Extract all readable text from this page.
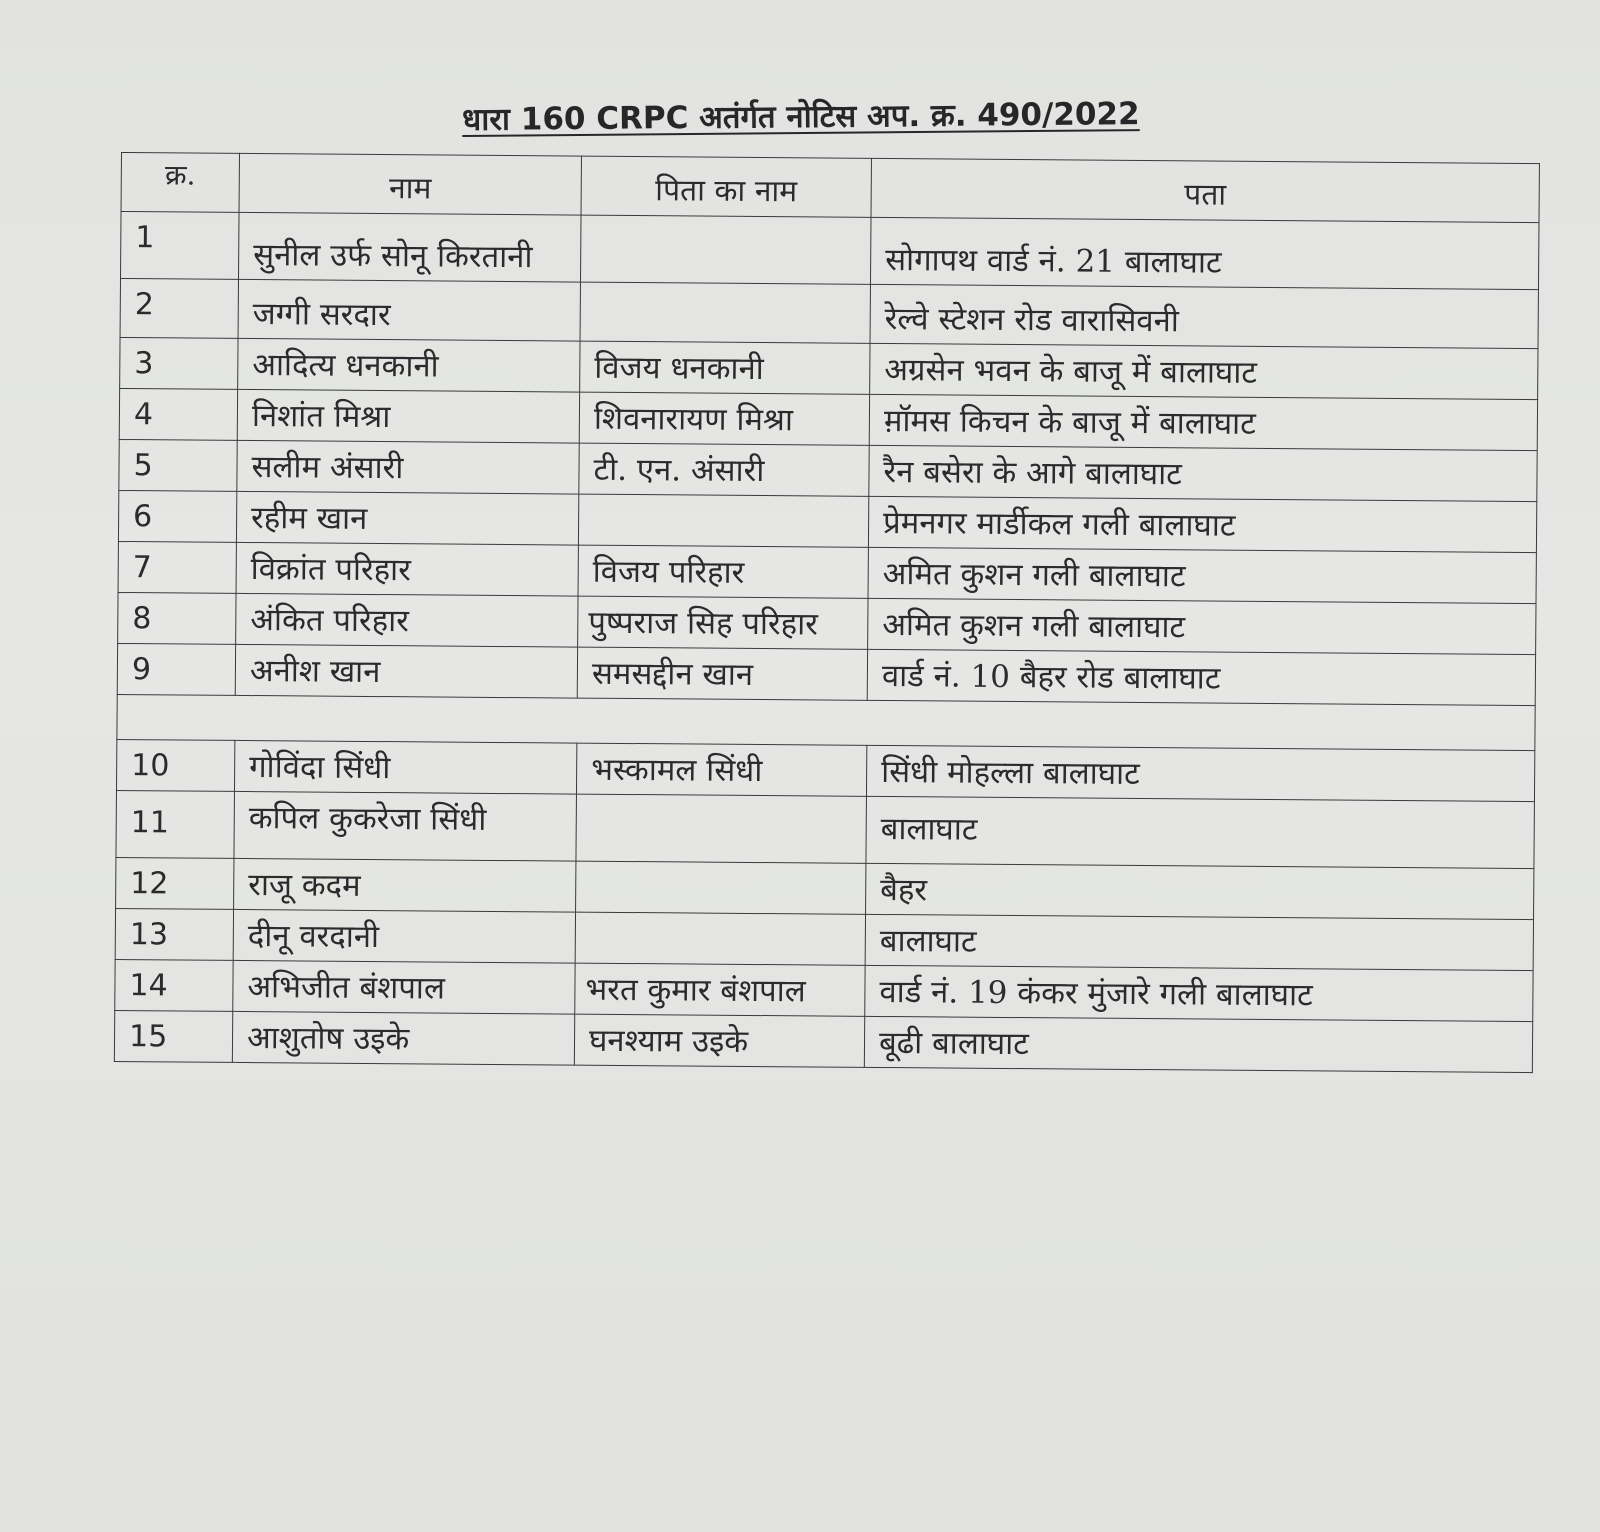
धारा 160 CRPC अतंर्गत नोटिस अप. क्र. 490/2022
क्र.	नाम	पिता का नाम	पता
1	सुनील उर्फ सोनू किरतानी		सोगापथ वार्ड नं. 21 बालाघाट
2	जग्गी सरदार		रेल्वे स्टेशन रोड वारासिवनी
3	आदित्य धनकानी	विजय धनकानी	अग्रसेन भवन के बाजू में बालाघाट
4	निशांत मिश्रा	शिवनारायण मिश्रा	म़ॉमस किचन के बाजू में बालाघाट
5	सलीम अंसारी	टी. एन. अंसारी	रैन बसेरा के आगे बालाघाट
6	रहीम खान		प्रेमनगर मार्डीकल गली बालाघाट
7	विक्रांत परिहार	विजय परिहार	अमित कुशन गली बालाघाट
8	अंकित परिहार	पुष्पराज सिह परिहार	अमित कुशन गली बालाघाट
9	अनीश खान	समसद्दीन खान	वार्ड नं. 10 बैहर रोड बालाघाट

10	गोविंदा सिंधी	भस्कामल सिंधी	सिंधी मोहल्ला बालाघाट
11	कपिल कुकरेजा सिंधी		बालाघाट
12	राजू कदम		बैहर
13	दीनू वरदानी		बालाघाट
14	अभिजीत बंशपाल	भरत कुमार बंशपाल	वार्ड नं. 19 कंकर मुंजारे गली बालाघाट
15	आशुतोष उइके	घनश्याम उइके	बूढी बालाघाट
